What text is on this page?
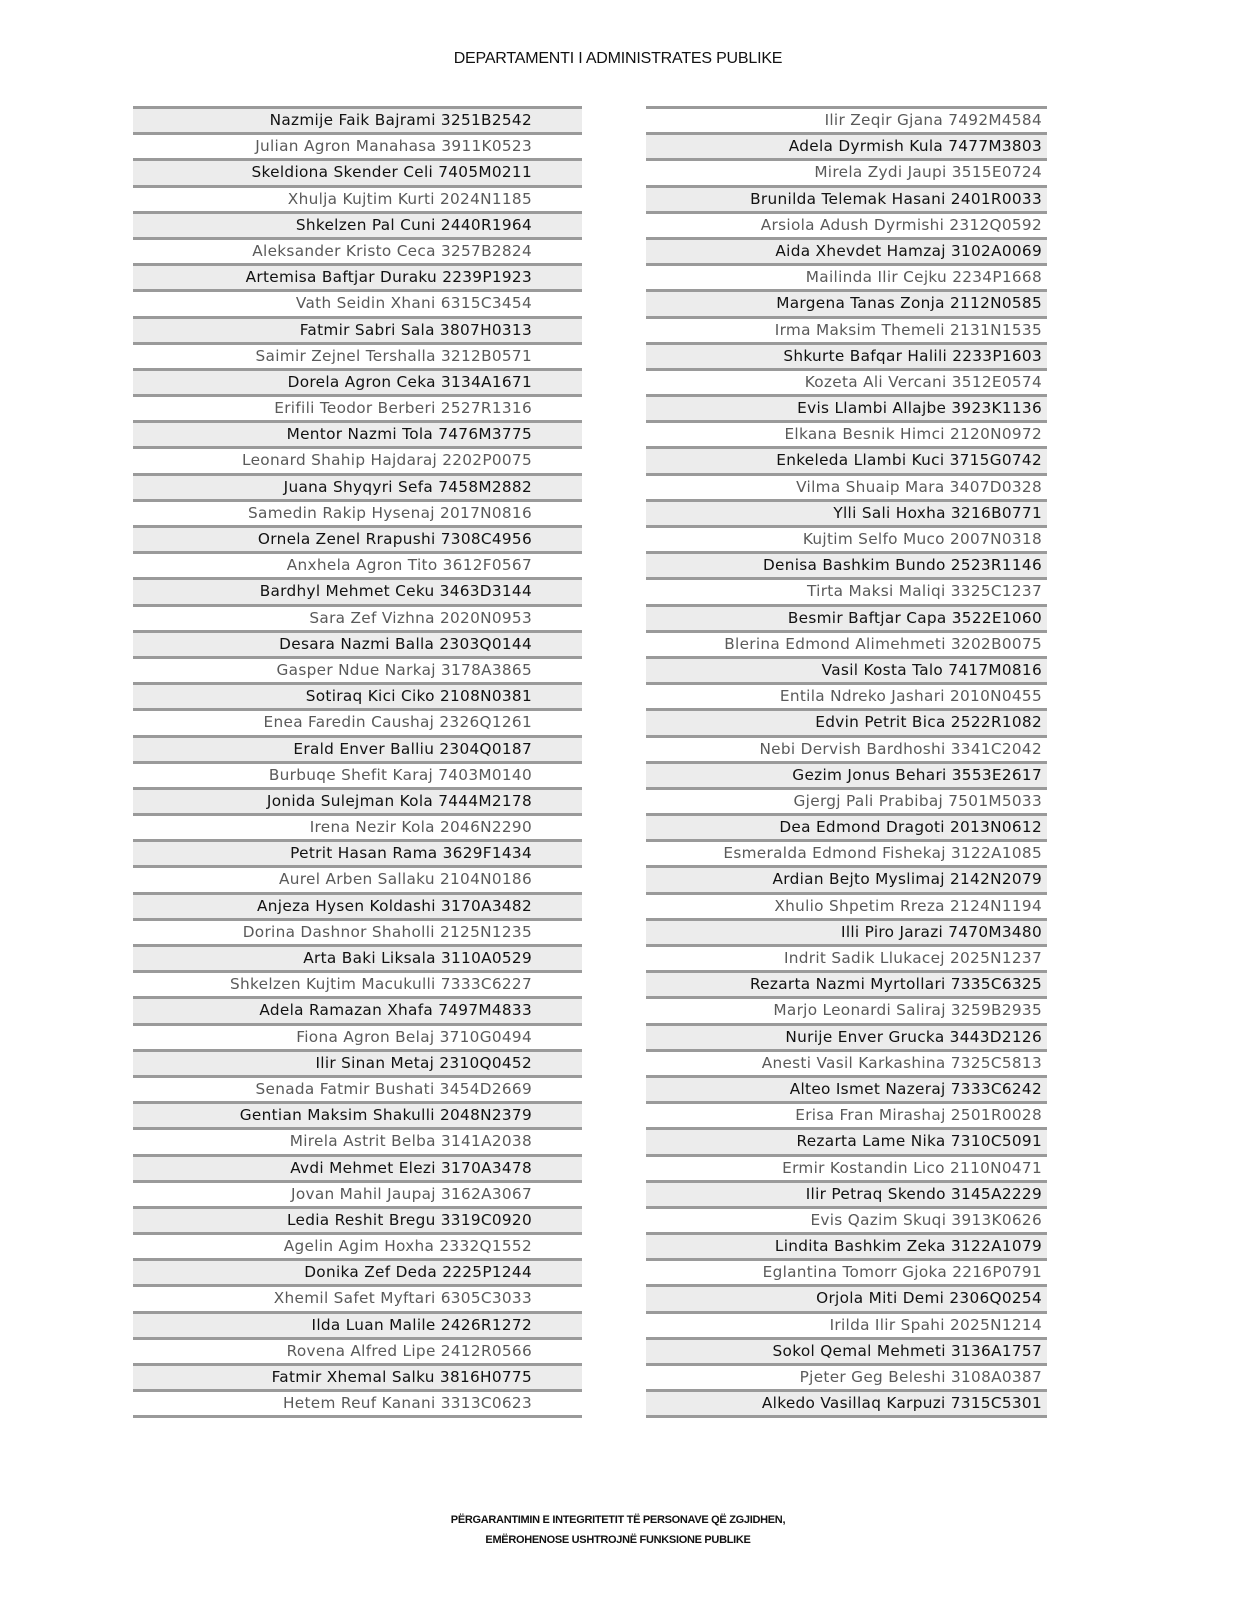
DEPARTAMENTI I ADMINISTRATES PUBLIKE
Nazmije Faik Bajrami 3251B2542
Julian Agron Manahasa 3911K0523
Skeldiona Skender Celi 7405M0211
Xhulja Kujtim Kurti 2024N1185
Shkelzen Pal Cuni 2440R1964
Aleksander Kristo Ceca 3257B2824
Artemisa Baftjar Duraku 2239P1923
Vath Seidin Xhani 6315C3454
Fatmir Sabri Sala 3807H0313
Saimir Zejnel Tershalla 3212B0571
Dorela Agron Ceka 3134A1671
Erifili Teodor Berberi 2527R1316
Mentor Nazmi Tola 7476M3775
Leonard Shahip Hajdaraj 2202P0075
Juana Shyqyri Sefa 7458M2882
Samedin Rakip Hysenaj 2017N0816
Ornela Zenel Rrapushi 7308C4956
Anxhela Agron Tito 3612F0567
Bardhyl Mehmet Ceku 3463D3144
Sara Zef Vizhna 2020N0953
Desara Nazmi Balla 2303Q0144
Gasper Ndue Narkaj 3178A3865
Sotiraq Kici Ciko 2108N0381
Enea Faredin Caushaj 2326Q1261
Erald Enver Balliu 2304Q0187
Burbuqe Shefit Karaj 7403M0140
Jonida Sulejman Kola 7444M2178
Irena Nezir Kola 2046N2290
Petrit Hasan Rama 3629F1434
Aurel Arben Sallaku 2104N0186
Anjeza Hysen Koldashi 3170A3482
Dorina Dashnor Shaholli 2125N1235
Arta Baki Liksala 3110A0529
Shkelzen Kujtim Macukulli 7333C6227
Adela Ramazan Xhafa 7497M4833
Fiona Agron Belaj 3710G0494
Ilir Sinan Metaj 2310Q0452
Senada Fatmir Bushati 3454D2669
Gentian Maksim Shakulli 2048N2379
Mirela Astrit Belba 3141A2038
Avdi Mehmet Elezi 3170A3478
Jovan Mahil Jaupaj 3162A3067
Ledia Reshit Bregu 3319C0920
Agelin Agim Hoxha 2332Q1552
Donika Zef Deda 2225P1244
Xhemil Safet Myftari 6305C3033
Ilda Luan Malile 2426R1272
Rovena Alfred Lipe 2412R0566
Fatmir Xhemal Salku 3816H0775
Hetem Reuf Kanani 3313C0623
Ilir Zeqir Gjana 7492M4584
Adela Dyrmish Kula 7477M3803
Mirela Zydi Jaupi 3515E0724
Brunilda Telemak Hasani 2401R0033
Arsiola Adush Dyrmishi 2312Q0592
Aida Xhevdet Hamzaj 3102A0069
Mailinda Ilir Cejku 2234P1668
Margena Tanas Zonja 2112N0585
Irma Maksim Themeli 2131N1535
Shkurte Bafqar Halili 2233P1603
Kozeta Ali Vercani 3512E0574
Evis Llambi Allajbe 3923K1136
Elkana Besnik Himci 2120N0972
Enkeleda Llambi Kuci 3715G0742
Vilma Shuaip Mara 3407D0328
Ylli Sali Hoxha 3216B0771
Kujtim Selfo Muco 2007N0318
Denisa Bashkim Bundo 2523R1146
Tirta Maksi Maliqi 3325C1237
Besmir Baftjar Capa 3522E1060
Blerina Edmond Alimehmeti 3202B0075
Vasil Kosta Talo 7417M0816
Entila Ndreko Jashari 2010N0455
Edvin Petrit Bica 2522R1082
Nebi Dervish Bardhoshi 3341C2042
Gezim Jonus Behari 3553E2617
Gjergj Pali Prabibaj 7501M5033
Dea Edmond Dragoti 2013N0612
Esmeralda Edmond Fishekaj 3122A1085
Ardian Bejto Myslimaj 2142N2079
Xhulio Shpetim Rreza 2124N1194
Illi Piro Jarazi 7470M3480
Indrit Sadik Llukacej 2025N1237
Rezarta Nazmi Myrtollari 7335C6325
Marjo Leonardi Saliraj 3259B2935
Nurije Enver Grucka 3443D2126
Anesti Vasil Karkashina 7325C5813
Alteo Ismet Nazeraj 7333C6242
Erisa Fran Mirashaj 2501R0028
Rezarta Lame Nika 7310C5091
Ermir Kostandin Lico 2110N0471
Ilir Petraq Skendo 3145A2229
Evis Qazim Skuqi 3913K0626
Lindita Bashkim Zeka 3122A1079
Eglantina Tomorr Gjoka 2216P0791
Orjola Miti Demi 2306Q0254
Irilda Ilir Spahi 2025N1214
Sokol Qemal Mehmeti 3136A1757
Pjeter Geg Beleshi 3108A0387
Alkedo Vasillaq Karpuzi 7315C5301
PËRGARANTIMIN E INTEGRITETIT TË PERSONAVE QË ZGJIDHEN,
EMËROHENOSE USHTROJNË FUNKSIONE PUBLIKE
